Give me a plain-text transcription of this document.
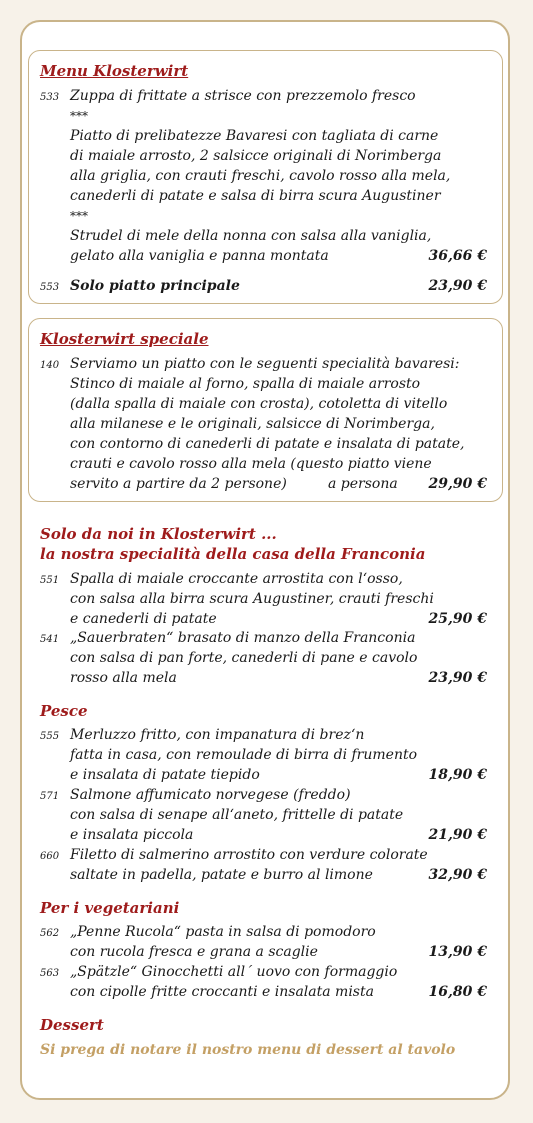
Menu Klosterwirt
533 Zuppa di frittate a strisce con prezzemolo fresco
***
Piatto di prelibatezze Bavaresi con tagliata di carne
di maiale arrosto, 2 salsicce originali di Norimberga
alla griglia, con crauti freschi, cavolo rosso alla mela,
canederli di patate e salsa di birra scura Augustiner
***
Strudel di mele della nonna con salsa alla vaniglia,
gelato alla vaniglia e panna montata	36,66 €
553 Solo piatto principale	23,90 €
Klosterwirt speciale
140 Serviamo un piatto con le seguenti specialità bavaresi:
Stinco di maiale al forno, spalla di maiale arrosto
(dalla spalla di maiale con crosta), cotoletta di vitello
alla milanese e le originali, salsicce di Norimberga,
con contorno di canederli di patate e insalata di patate,
crauti e cavolo rosso alla mela (questo piatto viene
servito a partire da 2 persone)	a persona 29,90 €
Solo da noi in Klosterwirt ...
la nostra specialità della casa della Franconia
551 Spalla di maiale croccante arrostita con l‘osso,
con salsa alla birra scura Augustiner, crauti freschi
e canederli di patate	25,90 €
541 „Sauerbraten“ brasato di manzo della Franconia
con salsa di pan forte, canederli di pane e cavolo
rosso alla mela	23,90 €
Pesce
555 Merluzzo fritto, con impanatura di brez‘n
fatta in casa, con remoulade di birra di frumento
e insalata di patate tiepido	18,90 €
571 Salmone affumicato norvegese (freddo)
con salsa di senape all‘aneto, frittelle di patate
e insalata piccola	21,90 €
660 Filetto di salmerino arrostito con verdure colorate
saltate in padella, patate e burro al limone	32,90 €
Per i vegetariani
562 „Penne Rucola“ pasta in salsa di pomodoro
con rucola fresca e grana a scaglie	13,90 €
563 „Spätzle“ Ginocchetti all´ uovo con formaggio
con cipolle fritte croccanti e insalata mista	16,80 €
Dessert
Si prega di notare il nostro menu di dessert al tavolo
